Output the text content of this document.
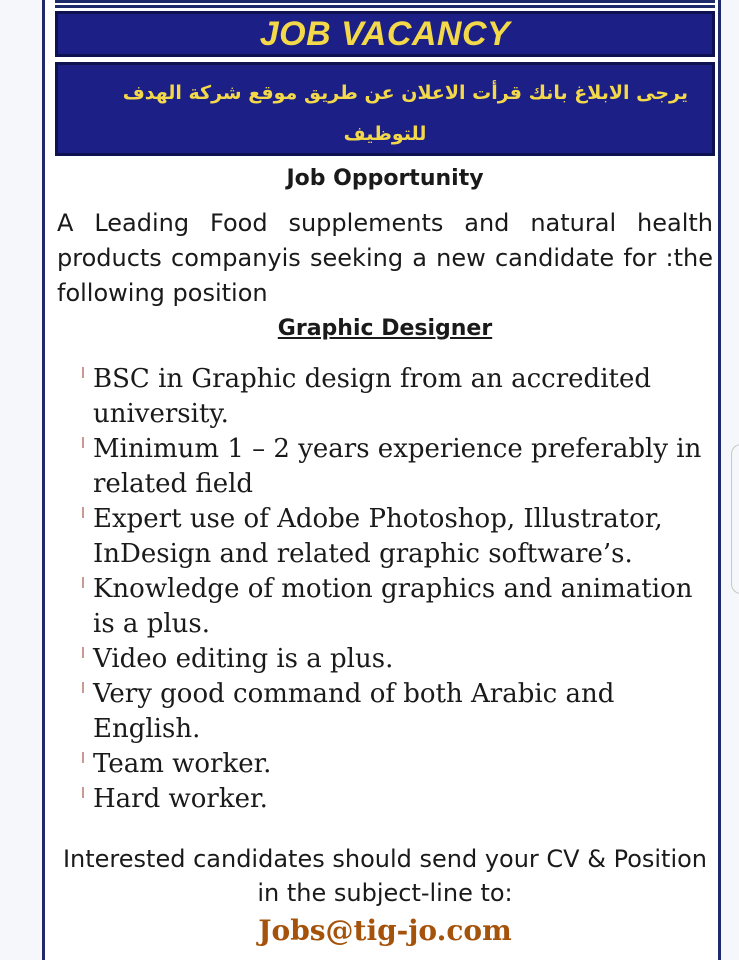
JOB VACANCY
يرجى الابلاغ بانك قرأت الاعلان عن طريق موقع شركة الهدف
للتوظيف
Job Opportunity
A Leading Food supplements and natural health products companyis seeking a new candidate for :the following position
Graphic Designer
BSC in Graphic design from an accredited university.
Minimum 1 – 2 years experience preferably in related field
Expert use of Adobe Photoshop, Illustrator, InDesign and related graphic software’s.
Knowledge of motion graphics and animation is a plus.
Video editing is a plus.
Very good command of both Arabic and English.
Team worker.
Hard worker.
Interested candidates should send your CV & Position in the subject-line to:
Jobs@tig-jo.com
